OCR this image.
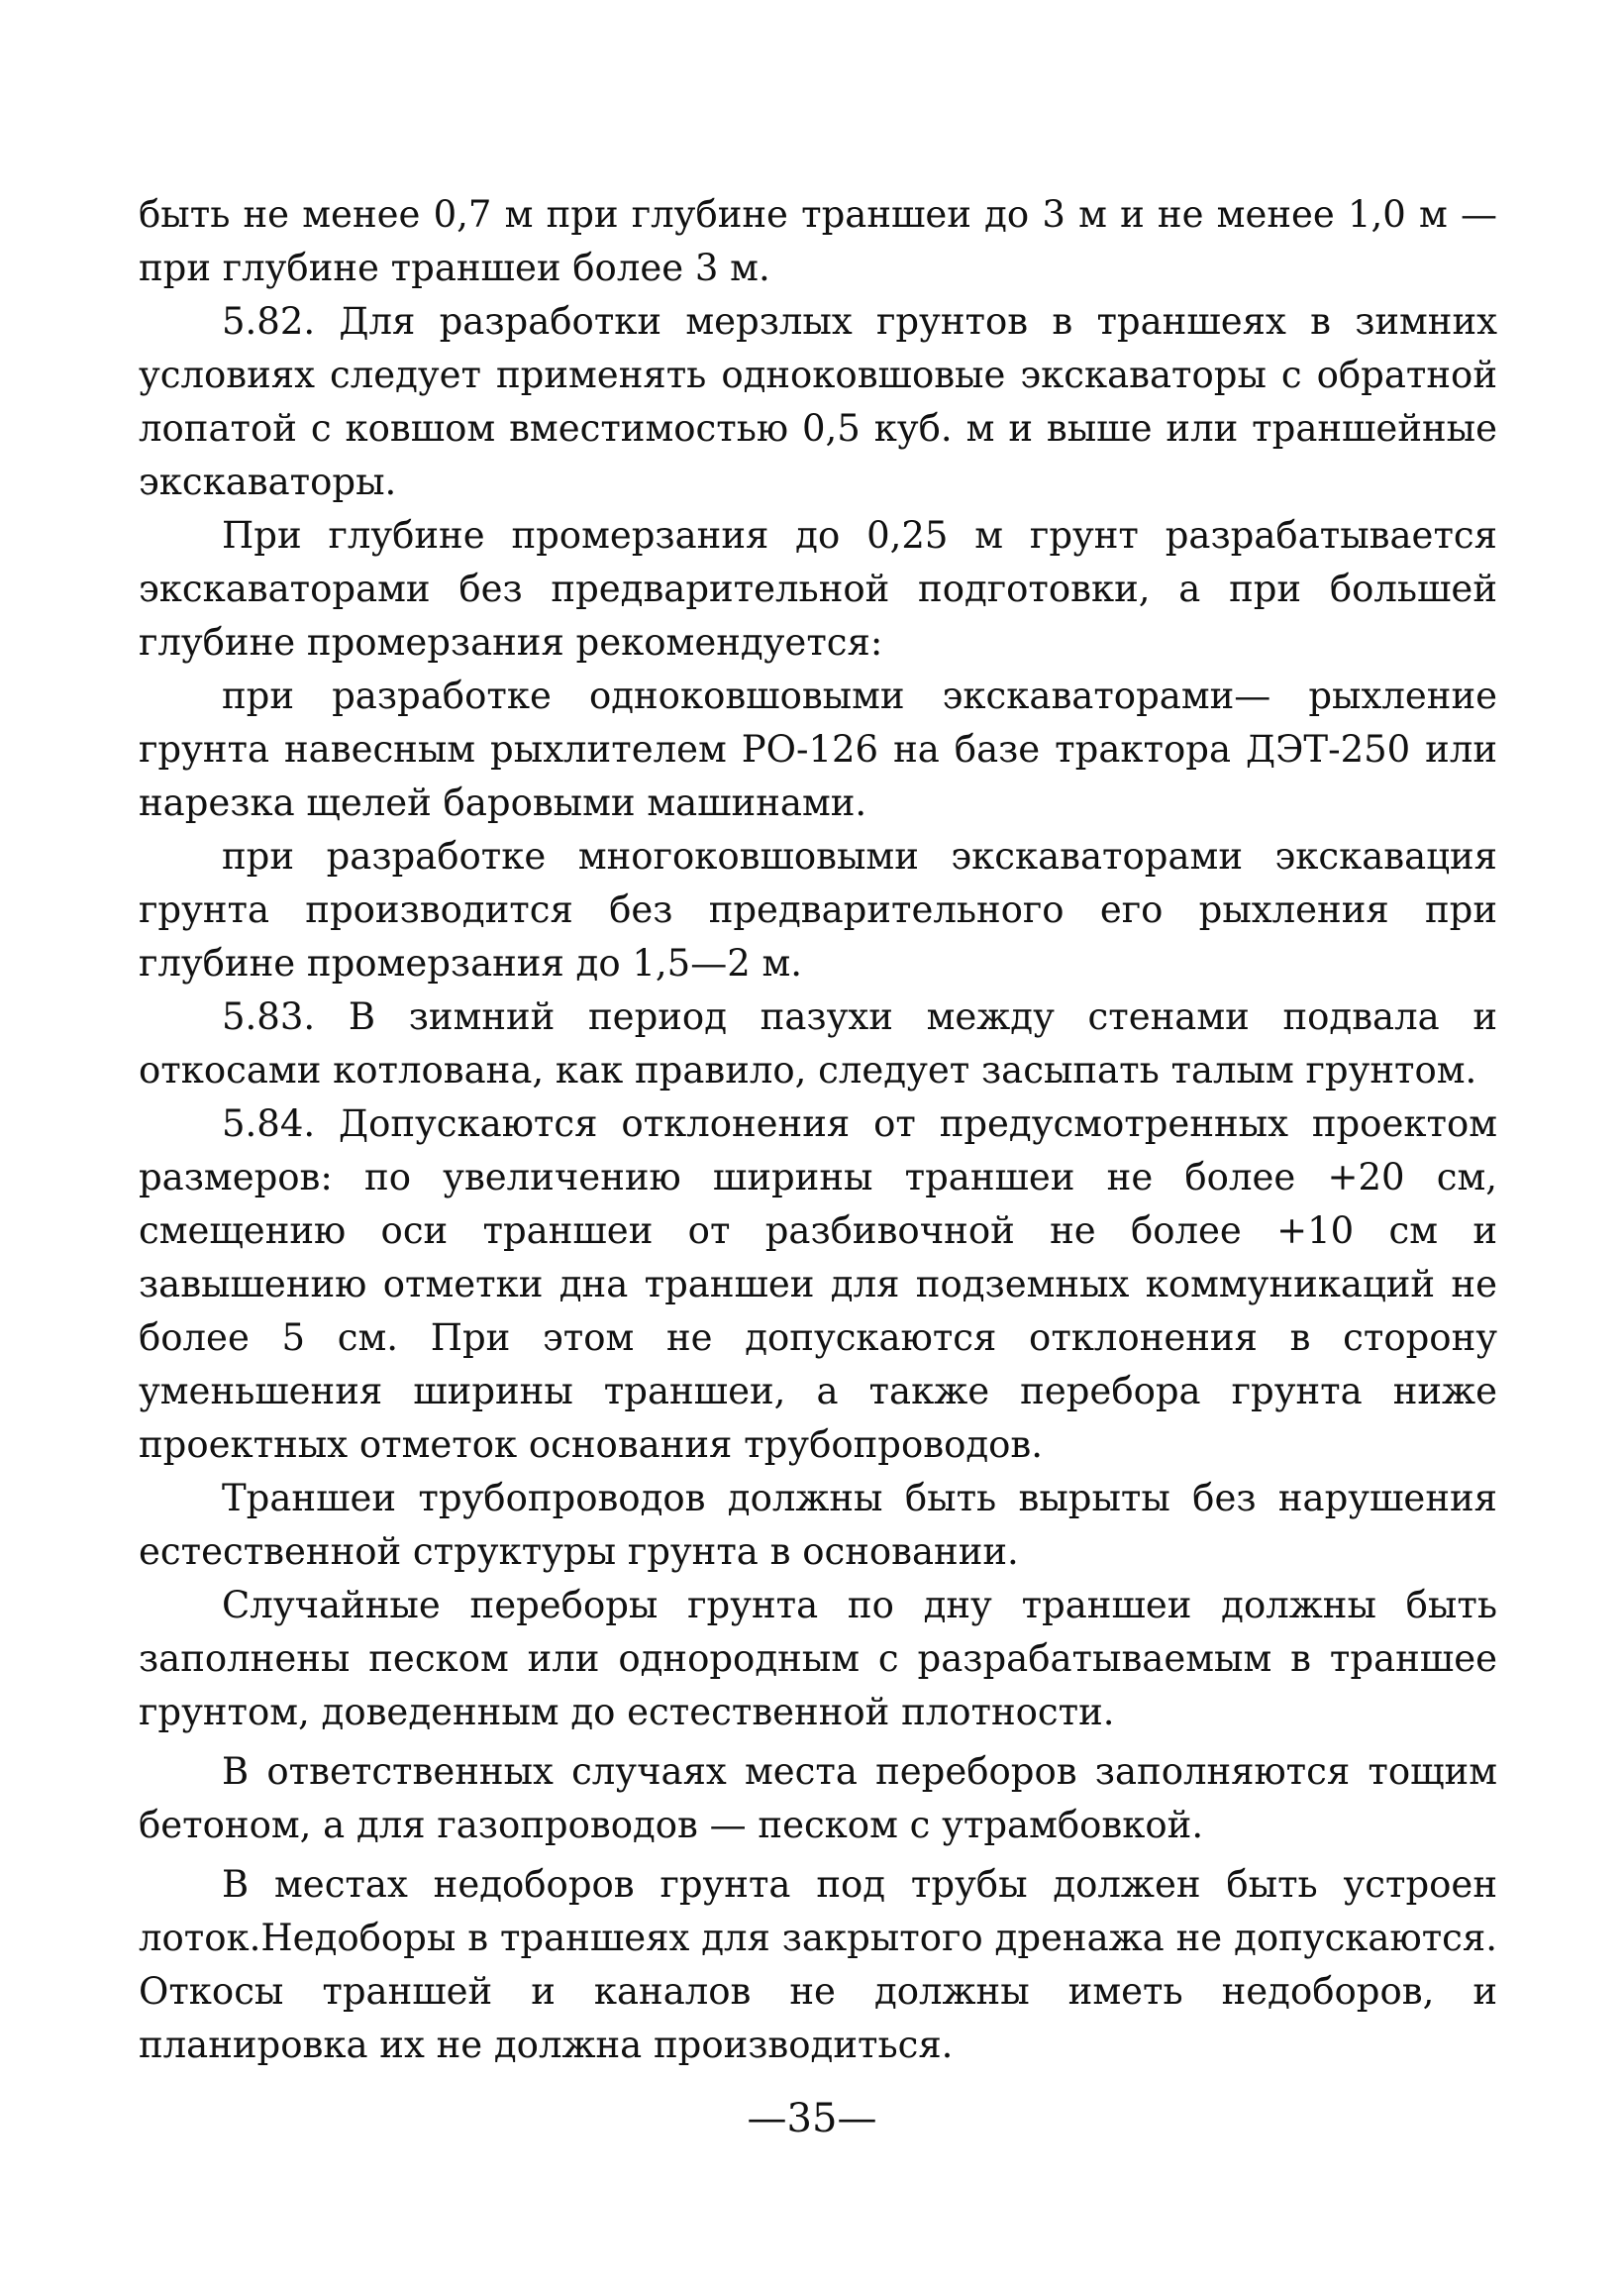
быть не менее 0,7 м при глубине траншеи до 3 м и не менее 1,0 м — при глубине траншеи более 3 м.

5.82. Для разработки мерзлых грунтов в траншеях в зимних условиях следует применять одноковшовые экскаваторы с обратной лопатой с ковшом вместимостью 0,5 куб. м и выше или траншейные экскаваторы.

При глубине промерзания до 0,25 м грунт разрабатывается экскаваторами без предварительной подготовки, а при большей глубине промерзания рекомендуется:

при разработке одноковшовыми экскаваторами— рыхление грунта навесным рыхлителем РО-126 на базе трактора ДЭТ-250 или нарезка щелей баровыми машинами.

при разработке многоковшовыми экскаваторами экскавация грунта производится без предварительного его рыхления при глубине промерзания до 1,5—2 м.

5.83. В зимний период пазухи между стенами подвала и откосами котлована, как правило, следует засыпать талым грунтом.

5.84. Допускаются отклонения от предусмотренных проектом размеров: по увеличению ширины траншеи не более +20 см, смещению оси траншеи от разбивочной не более +10 см и завышению отметки дна траншеи для подземных коммуникаций не более 5 см. При этом не допускаются отклонения в сторону уменьшения ширины траншеи, а также перебора грунта ниже проектных отметок основания трубопроводов.

Траншеи трубопроводов должны быть вырыты без нарушения естественной структуры грунта в основании.

Случайные переборы грунта по дну траншеи должны быть заполнены песком или однородным с разрабатываемым в траншее грунтом, доведенным до естественной плотности.

В ответственных случаях места переборов заполняются тощим бетоном, а для газопроводов — песком с утрамбовкой.

В местах недоборов грунта под трубы должен быть устроен лоток.Недоборы в траншеях для закрытого дренажа не допускаются. Откосы траншей и каналов не должны иметь недоборов, и планировка их не должна производиться.

—35—
